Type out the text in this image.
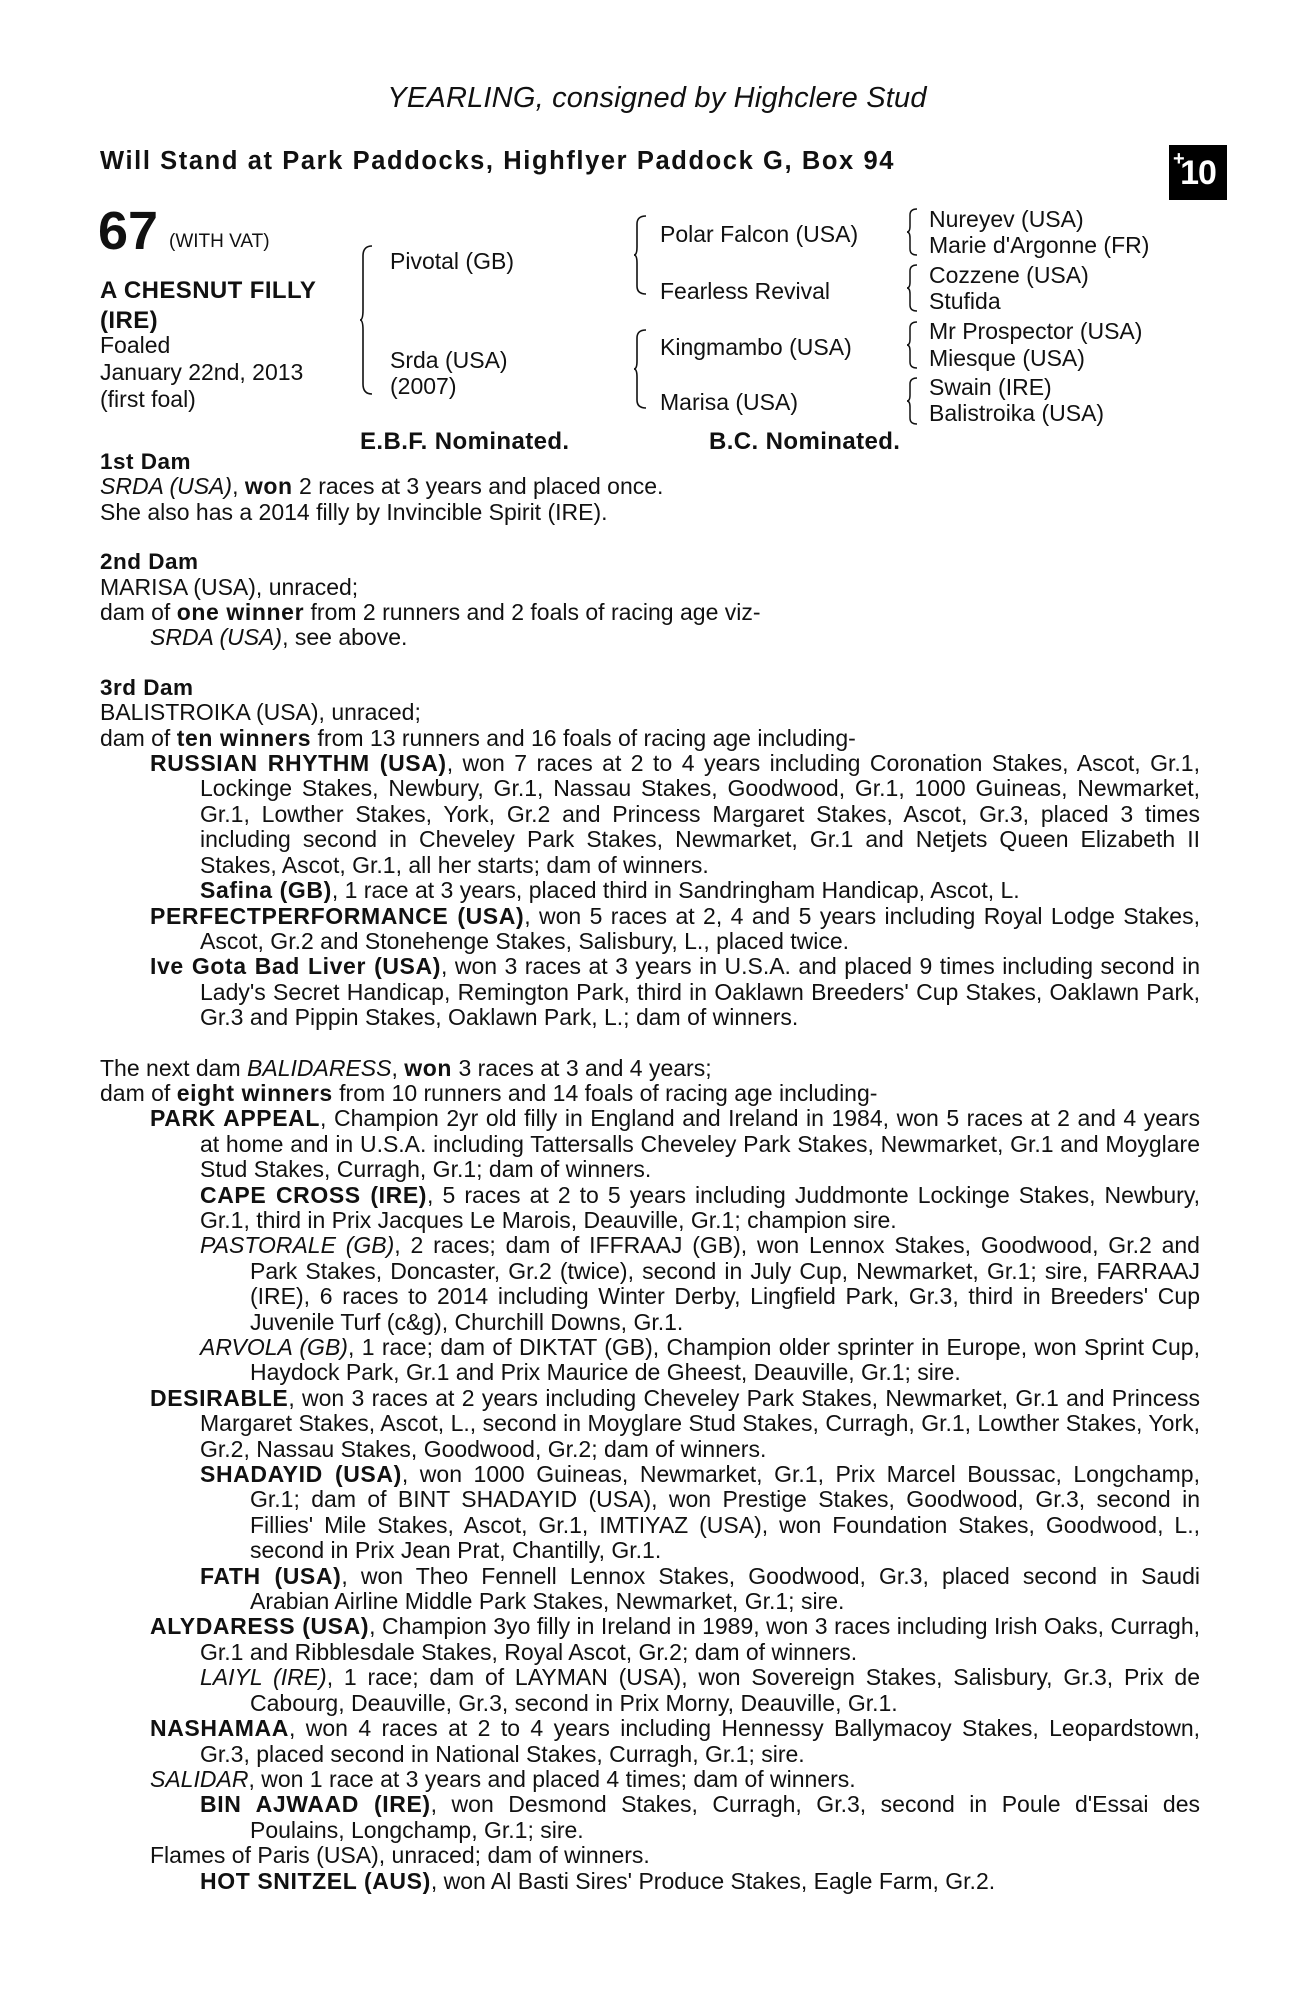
YEARLING, consigned by Highclere Stud
Will Stand at Park Paddocks, Highflyer Paddock G, Box 94	+
10
67 (WITH VAT)
A CHESNUT FILLY
(IRE)
Foaled
January 22nd, 2013
(first foal)
Pivotal (GB)
Srda (USA)
(2007)
Polar Falcon (USA)
Fearless Revival
Kingmambo (USA)
Marisa (USA)
Nureyev (USA)
Marie d'Argonne (FR)
Cozzene (USA)
Stufida
Mr Prospector (USA)
Miesque (USA)
Swain (IRE)
Balistroika (USA)
E.B.F. Nominated.	B.C. Nominated.

1st Dam

SRDA (USA), won 2 races at 3 years and placed once.

She also has a 2014 filly by Invincible Spirit (IRE).

2nd Dam

MARISA (USA), unraced;

dam of one winner from 2 runners and 2 foals of racing age viz-

SRDA (USA), see above.

3rd Dam

BALISTROIKA (USA), unraced;

dam of ten winners from 13 runners and 16 foals of racing age including-

RUSSIAN RHYTHM (USA), won 7 races at 2 to 4 years including Coronation Stakes, Ascot, Gr.1, Lockinge Stakes, Newbury, Gr.1, Nassau Stakes, Goodwood, Gr.1, 1000 Guineas, Newmarket, Gr.1, Lowther Stakes, York, Gr.2 and Princess Margaret Stakes, Ascot, Gr.3, placed 3 times including second in Cheveley Park Stakes, Newmarket, Gr.1 and Netjets Queen Elizabeth II Stakes, Ascot, Gr.1, all her starts; dam of winners.

Safina (GB), 1 race at 3 years, placed third in Sandringham Handicap, Ascot, L.

PERFECTPERFORMANCE (USA), won 5 races at 2, 4 and 5 years including Royal Lodge Stakes, Ascot, Gr.2 and Stonehenge Stakes, Salisbury, L., placed twice.

Ive Gota Bad Liver (USA), won 3 races at 3 years in U.S.A. and placed 9 times including second in Lady's Secret Handicap, Remington Park, third in Oaklawn Breeders' Cup Stakes, Oaklawn Park, Gr.3 and Pippin Stakes, Oaklawn Park, L.; dam of winners.

The next dam BALIDARESS, won 3 races at 3 and 4 years;

dam of eight winners from 10 runners and 14 foals of racing age including-

PARK APPEAL, Champion 2yr old filly in England and Ireland in 1984, won 5 races at 2 and 4 years at home and in U.S.A. including Tattersalls Cheveley Park Stakes, Newmarket, Gr.1 and Moyglare Stud Stakes, Curragh, Gr.1; dam of winners.

CAPE CROSS (IRE), 5 races at 2 to 5 years including Juddmonte Lockinge Stakes, Newbury, Gr.1, third in Prix Jacques Le Marois, Deauville, Gr.1; champion sire.

PASTORALE (GB), 2 races; dam of IFFRAAJ (GB), won Lennox Stakes, Goodwood, Gr.2 and Park Stakes, Doncaster, Gr.2 (twice), second in July Cup, Newmarket, Gr.1; sire, FARRAAJ (IRE), 6 races to 2014 including Winter Derby, Lingfield Park, Gr.3, third in Breeders' Cup Juvenile Turf (c&g), Churchill Downs, Gr.1.

ARVOLA (GB), 1 race; dam of DIKTAT (GB), Champion older sprinter in Europe, won Sprint Cup, Haydock Park, Gr.1 and Prix Maurice de Gheest, Deauville, Gr.1; sire.

DESIRABLE, won 3 races at 2 years including Cheveley Park Stakes, Newmarket, Gr.1 and Princess Margaret Stakes, Ascot, L., second in Moyglare Stud Stakes, Curragh, Gr.1, Lowther Stakes, York, Gr.2, Nassau Stakes, Goodwood, Gr.2; dam of winners.

SHADAYID (USA), won 1000 Guineas, Newmarket, Gr.1, Prix Marcel Boussac, Longchamp, Gr.1; dam of BINT SHADAYID (USA), won Prestige Stakes, Goodwood, Gr.3, second in Fillies' Mile Stakes, Ascot, Gr.1, IMTIYAZ (USA), won Foundation Stakes, Goodwood, L., second in Prix Jean Prat, Chantilly, Gr.1.

FATH (USA), won Theo Fennell Lennox Stakes, Goodwood, Gr.3, placed second in Saudi Arabian Airline Middle Park Stakes, Newmarket, Gr.1; sire.

ALYDARESS (USA), Champion 3yo filly in Ireland in 1989, won 3 races including Irish Oaks, Curragh, Gr.1 and Ribblesdale Stakes, Royal Ascot, Gr.2; dam of winners.

LAIYL (IRE), 1 race; dam of LAYMAN (USA), won Sovereign Stakes, Salisbury, Gr.3, Prix de Cabourg, Deauville, Gr.3, second in Prix Morny, Deauville, Gr.1.

NASHAMAA, won 4 races at 2 to 4 years including Hennessy Ballymacoy Stakes, Leopardstown, Gr.3, placed second in National Stakes, Curragh, Gr.1; sire.

SALIDAR, won 1 race at 3 years and placed 4 times; dam of winners.

BIN AJWAAD (IRE), won Desmond Stakes, Curragh, Gr.3, second in Poule d'Essai des Poulains, Longchamp, Gr.1; sire.

Flames of Paris (USA), unraced; dam of winners.

HOT SNITZEL (AUS), won Al Basti Sires' Produce Stakes, Eagle Farm, Gr.2.
